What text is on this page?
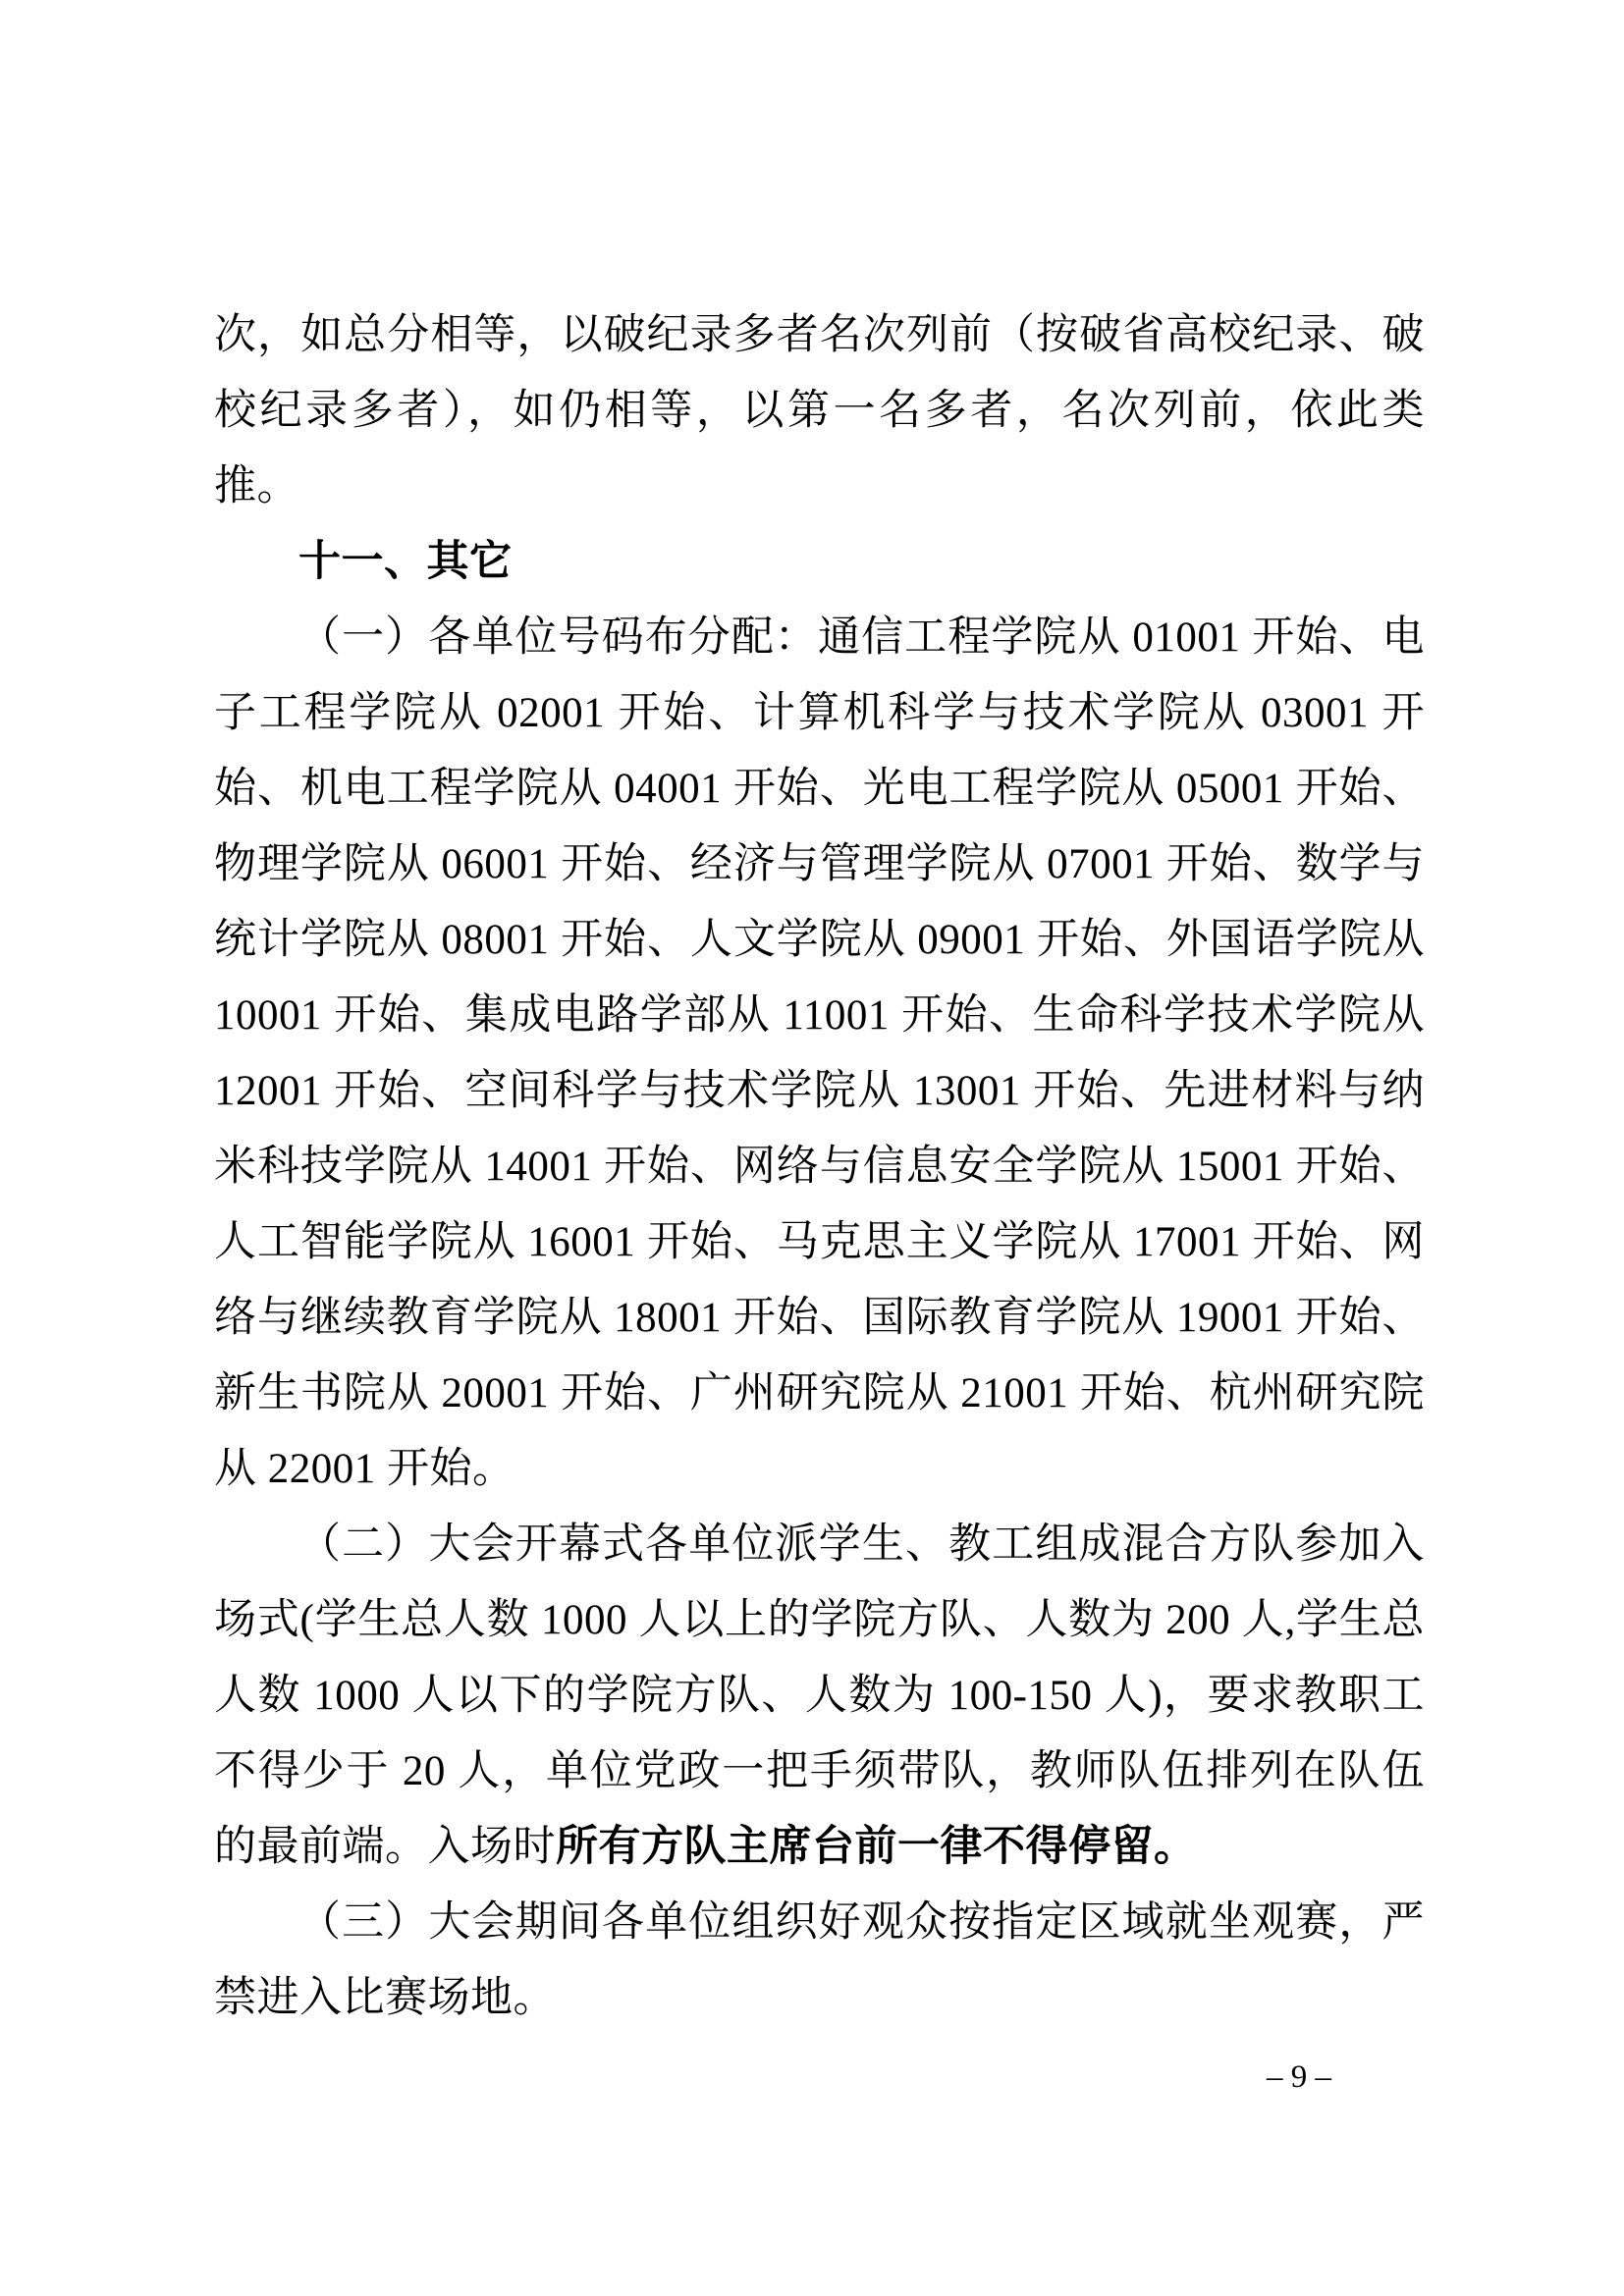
次，如总分相等，以破纪录多者名次列前（按破省高校纪录、破校纪录多者），如仍相等，以第一名多者，名次列前，依此类推。

十一、其它

（一）各单位号码布分配：通信工程学院从 01001 开始、电子工程学院从 02001 开始、计算机科学与技术学院从 03001 开始、机电工程学院从 04001 开始、光电工程学院从 05001 开始、物理学院从 06001 开始、经济与管理学院从 07001 开始、数学与统计学院从 08001 开始、人文学院从 09001 开始、外国语学院从 10001 开始、集成电路学部从 11001 开始、生命科学技术学院从 12001 开始、空间科学与技术学院从 13001 开始、先进材料与纳米科技学院从 14001 开始、网络与信息安全学院从 15001 开始、人工智能学院从 16001 开始、马克思主义学院从 17001 开始、网络与继续教育学院从 18001 开始、国际教育学院从 19001 开始、新生书院从 20001 开始、广州研究院从 21001 开始、杭州研究院从 22001 开始。

（二）大会开幕式各单位派学生、教工组成混合方队参加入场式(学生总人数 1000 人以上的学院方队、人数为 200 人,学生总人数 1000 人以下的学院方队、人数为 100-150 人)，要求教职工不得少于 20 人，单位党政一把手须带队，教师队伍排列在队伍的最前端。入场时所有方队主席台前一律不得停留。

（三）大会期间各单位组织好观众按指定区域就坐观赛，严禁进入比赛场地。

– 9 –
